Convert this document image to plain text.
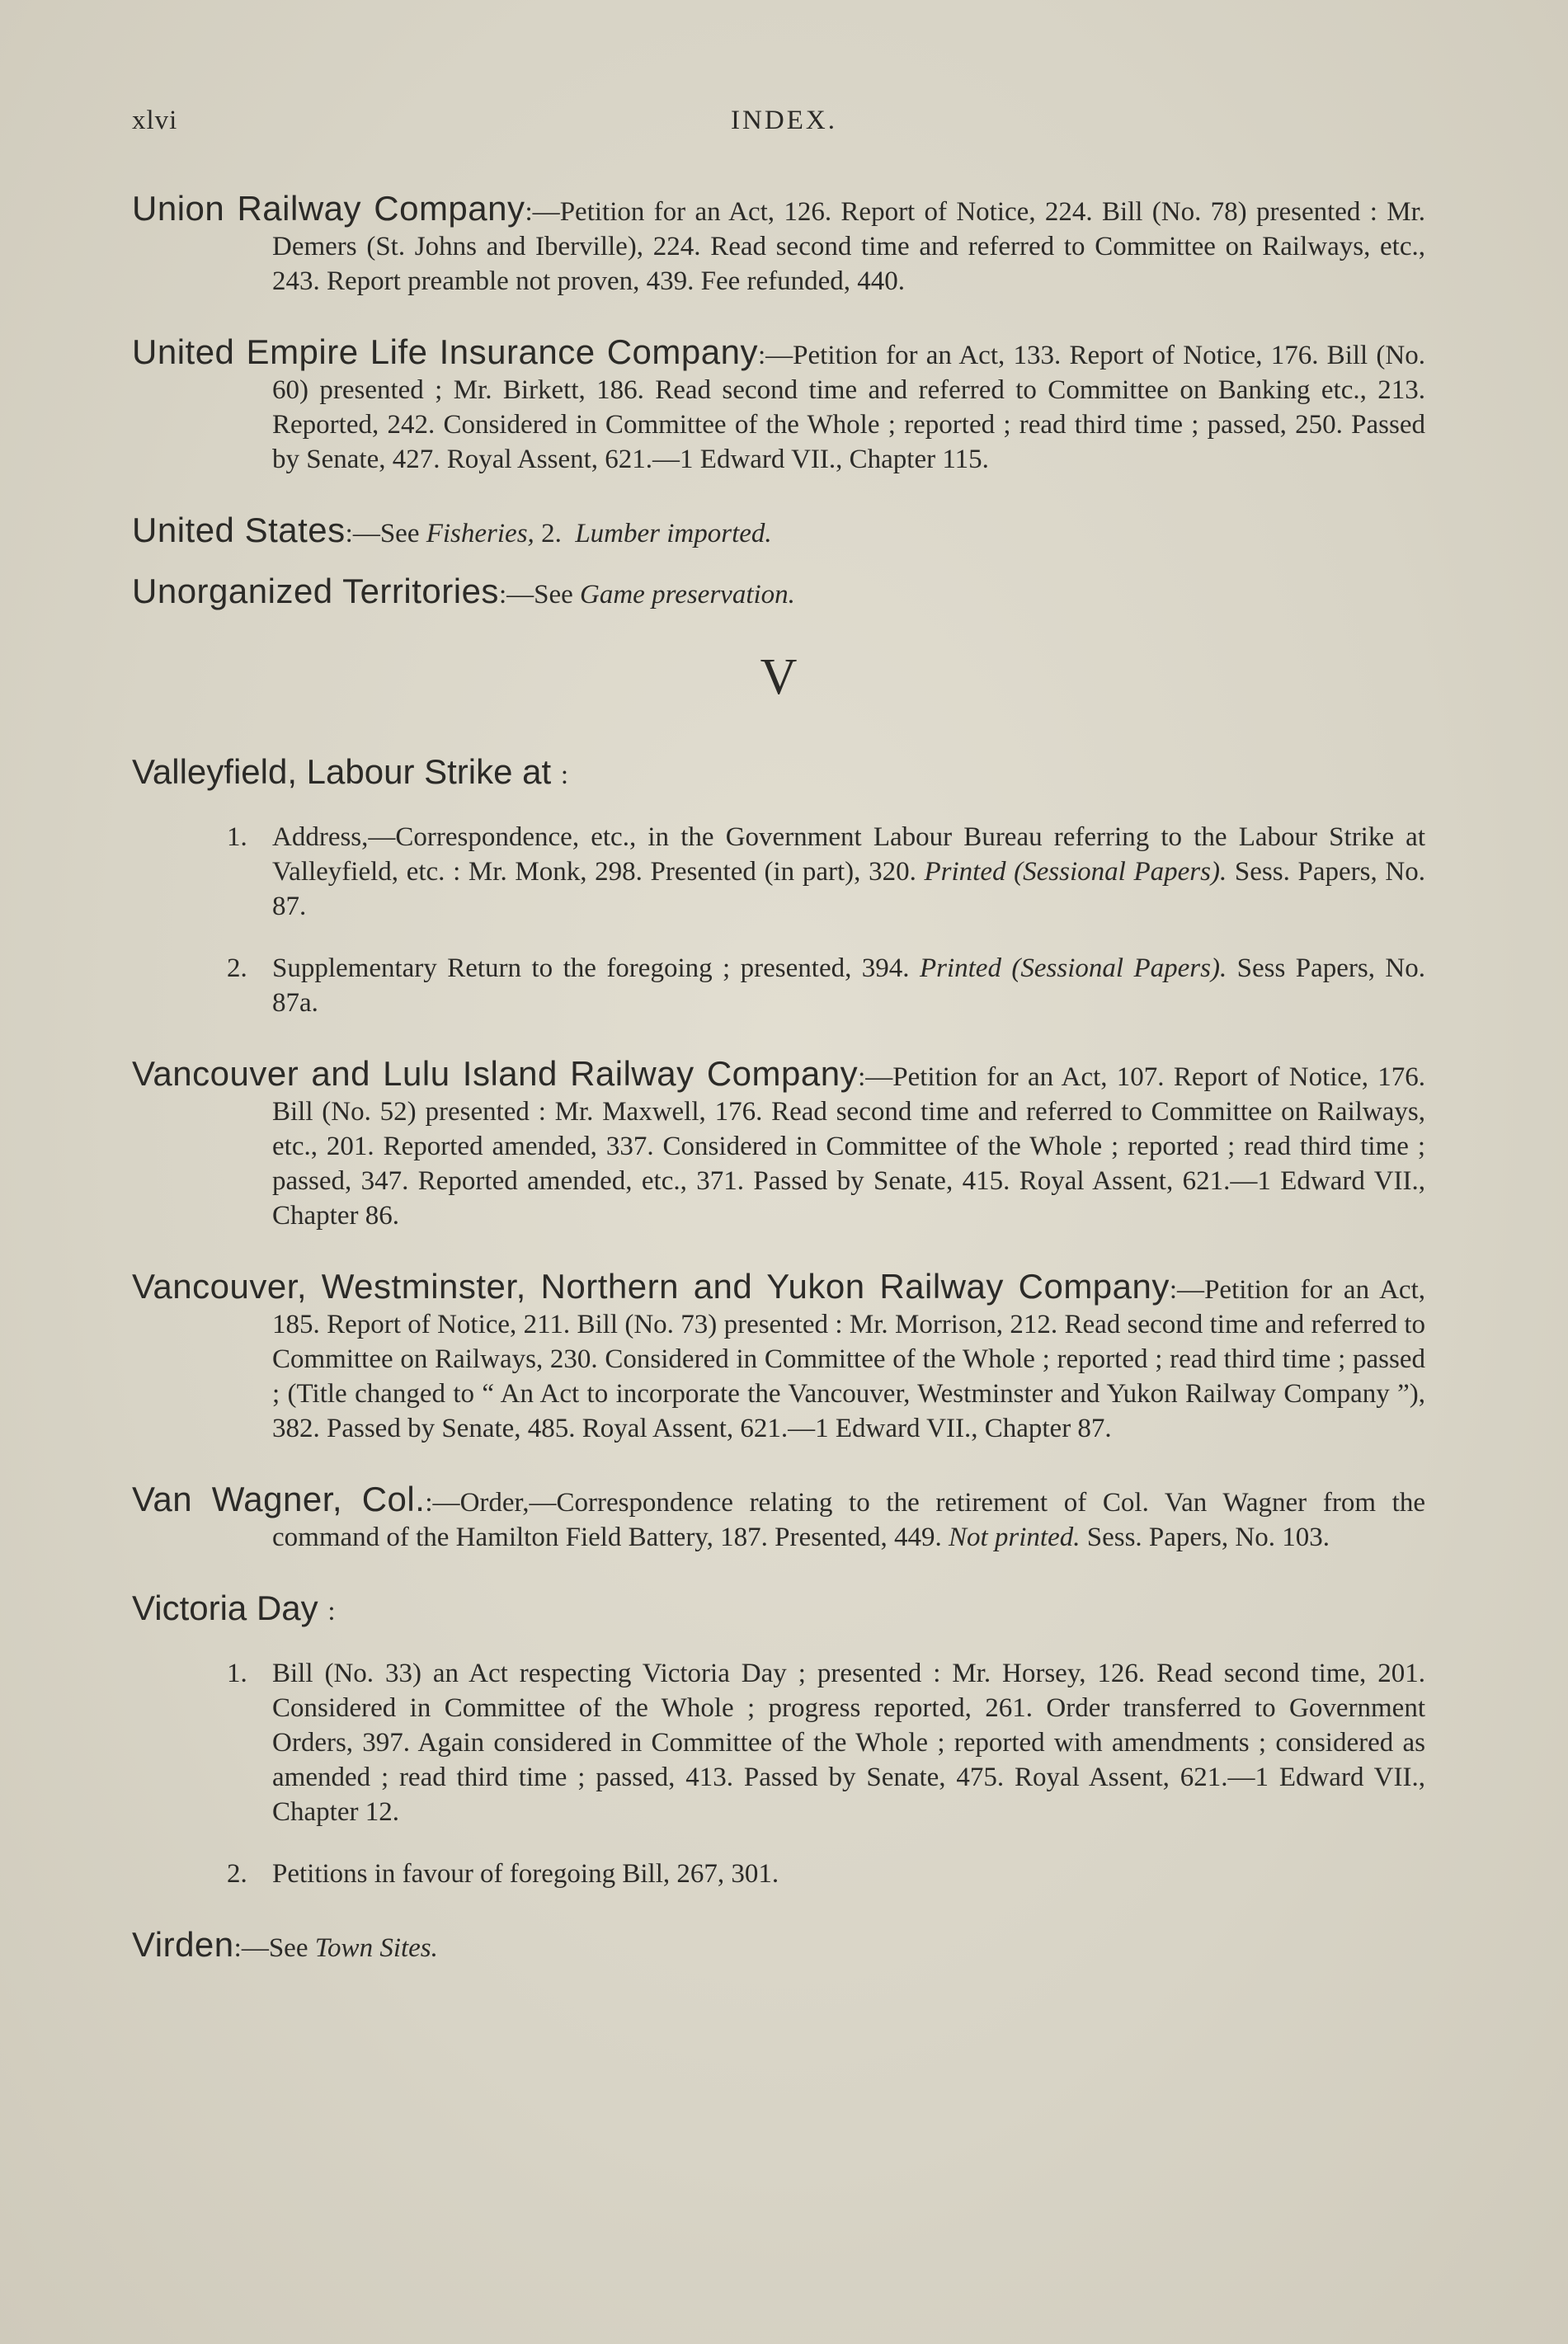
xlvi	INDEX.

Union Railway Company:—Petition for an Act, 126. Report of Notice, 224. Bill (No. 78) presented : Mr. Demers (St. Johns and Iberville), 224. Read second time and referred to Committee on Railways, etc., 243. Report preamble not proven, 439. Fee refunded, 440.

United Empire Life Insurance Company:—Petition for an Act, 133. Report of Notice, 176. Bill (No. 60) presented ; Mr. Birkett, 186. Read second time and referred to Committee on Banking etc., 213. Reported, 242. Considered in Committee of the Whole ; reported ; read third time ; passed, 250. Passed by Senate, 427. Royal Assent, 621.—1 Edward VII., Chapter 115.

United States:—See Fisheries, 2. Lumber imported.

Unorganized Territories:—See Game preservation.

V
Valleyfield, Labour Strike at :

1. Address,—Correspondence, etc., in the Government Labour Bureau referring to the Labour Strike at Valleyfield, etc. : Mr. Monk, 298. Presented (in part), 320. Printed (Sessional Papers). Sess. Papers, No. 87.

2. Supplementary Return to the foregoing ; presented, 394. Printed (Sessional Papers). Sess Papers, No. 87a.

Vancouver and Lulu Island Railway Company:—Petition for an Act, 107. Report of Notice, 176. Bill (No. 52) presented : Mr. Maxwell, 176. Read second time and referred to Committee on Railways, etc., 201. Reported amended, 337. Considered in Committee of the Whole ; reported ; read third time ; passed, 347. Reported amended, etc., 371. Passed by Senate, 415. Royal Assent, 621.—1 Edward VII., Chapter 86.

Vancouver, Westminster, Northern and Yukon Railway Company:—Petition for an Act, 185. Report of Notice, 211. Bill (No. 73) presented : Mr. Morrison, 212. Read second time and referred to Committee on Railways, 230. Considered in Committee of the Whole ; reported ; read third time ; passed ; (Title changed to “ An Act to incorporate the Vancouver, Westminster and Yukon Railway Company ”), 382. Passed by Senate, 485. Royal Assent, 621.—1 Edward VII., Chapter 87.

Van Wagner, Col.:—Order,—Correspondence relating to the retirement of Col. Van Wagner from the command of the Hamilton Field Battery, 187. Presented, 449. Not printed. Sess. Papers, No. 103.

Victoria Day :

1. Bill (No. 33) an Act respecting Victoria Day ; presented : Mr. Horsey, 126. Read second time, 201. Considered in Committee of the Whole ; progress reported, 261. Order transferred to Government Orders, 397. Again considered in Committee of the Whole ; reported with amendments ; considered as amended ; read third time ; passed, 413. Passed by Senate, 475. Royal Assent, 621.—1 Edward VII., Chapter 12.

2. Petitions in favour of foregoing Bill, 267, 301.

Virden:—See Town Sites.
